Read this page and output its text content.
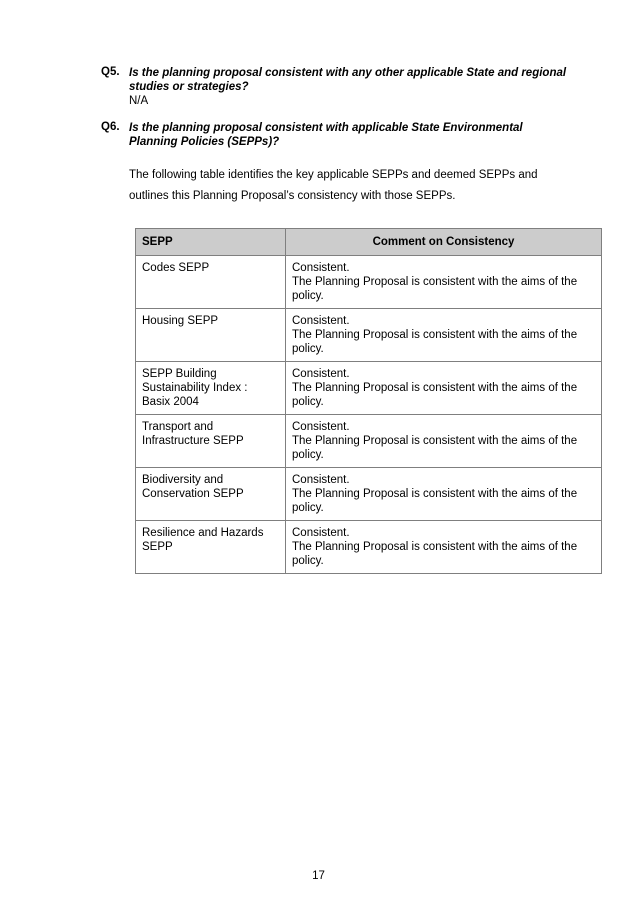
Q5. Is the planning proposal consistent with any other applicable State and regional
studies or strategies?
N/A
Q6. Is the planning proposal consistent with applicable State Environmental
Planning Policies (SEPPs)?
The following table identifies the key applicable SEPPs and deemed SEPPs and
outlines this Planning Proposal’s consistency with those SEPPs.
SEPP	Comment on Consistency

Codes SEPP	Consistent.
The Planning Proposal is consistent with the aims of the
policy.

Housing SEPP	Consistent.
The Planning Proposal is consistent with the aims of the
policy.

SEPP Building
Sustainability Index :
Basix 2004	Consistent.
The Planning Proposal is consistent with the aims of the
policy.

Transport and
Infrastructure SEPP	Consistent.
The Planning Proposal is consistent with the aims of the
policy.

Biodiversity and
Conservation SEPP	Consistent.
The Planning Proposal is consistent with the aims of the
policy.

Resilience and Hazards
SEPP	Consistent.
The Planning Proposal is consistent with the aims of the
policy.
17
